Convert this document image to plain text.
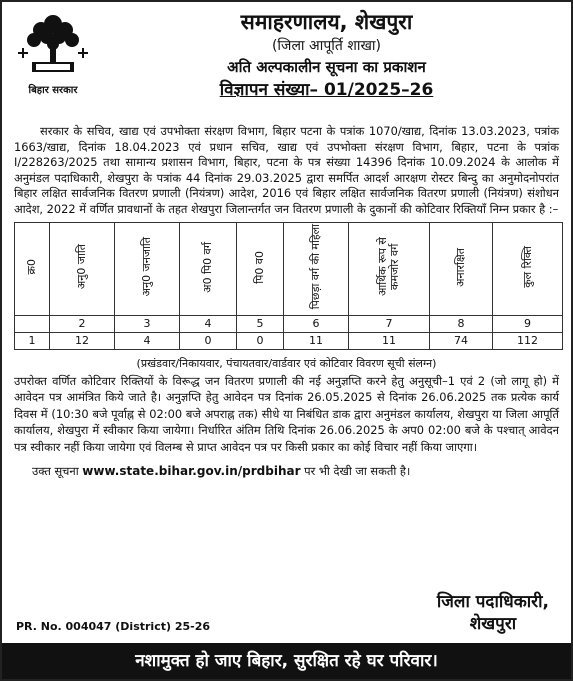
बिहार सरकार
समाहरणालय, शेखपुरा
(जिला आपूर्ति शाखा)
अति अल्पकालीन सूचना का प्रकाशन
विज्ञापन संख्या– 01/2025–26

सरकार के सचिव, खाद्य एवं उपभोक्ता संरक्षण विभाग, बिहार पटना के पत्रांक 1070/खाद्य, दिनांक 13.03.2023, पत्रांक 1663/खाद्य, दिनांक 18.04.2023 एवं प्रधान सचिव, खाद्य एवं उपभोक्ता संरक्षण विभाग, बिहार, पटना के पत्रांक I/228263/2025 तथा सामान्य प्रशासन विभाग, बिहार, पटना के पत्र संख्या 14396 दिनांक 10.09.2024 के आलोक में अनुमंडल पदाधिकारी, शेखपुरा के पत्रांक 44 दिनांक 29.03.2025 द्वारा समर्पित आदर्श आरक्षण रोस्टर बिन्दु का अनुमोदनोपरांत बिहार लक्षित सार्वजनिक वितरण प्रणाली (नियंत्रण) आदेश, 2016 एवं बिहार लक्षित सार्वजनिक वितरण प्रणाली (नियंत्रण) संशोधन आदेश, 2022 में वर्णित प्रावधानों के तहत शेखपुरा जिलान्तर्गत जन वितरण प्रणाली के दुकानों की कोटिवार रिक्तियाँ निम्न प्रकार है :–

क्र0	अनु0 जाति	अनु0 जनजाति	अ0 पि0 वर्ग	पि0 व0	पिछड़ा वर्ग की महिला	आर्थिक रूप से कमजोर वर्ग	अनारक्षित	कुल रिक्ति
	2	3	4	5	6	7	8	9
1	12	4	0	0	11	11	74	112
(प्रखंडवार/निकायवार, पंचायतवार/वार्डवार एवं कोटिवार विवरण सूची संलग्न)

उपरोक्त वर्णित कोटिवार रिक्तियों के विरूद्ध जन वितरण प्रणाली की नई अनुज्ञप्ति करने हेतु अनुसूची–1 एवं 2 (जो लागू हो) में आवेदन पत्र आमंत्रित किये जाते है। अनुज्ञप्ति हेतु आवेदन पत्र दिनांक 26.05.2025 से दिनांक 26.06.2025 तक प्रत्येक कार्य दिवस में (10:30 बजे पूर्वाह्न से 02:00 बजे अपराह्न तक) सीधे या निबंधित डाक द्वारा अनुमंडल कार्यालय, शेखपुरा या जिला आपूर्ति कार्यालय, शेखपुरा में स्वीकार किया जायेगा। निर्धारित अंतिम तिथि दिनांक 26.06.2025 के अप0 02:00 बजे के पश्चात् आवेदन पत्र स्वीकार नहीं किया जायेगा एवं विलम्ब से प्राप्त आवेदन पत्र पर किसी प्रकार का कोई विचार नहीं किया जाएगा।

उक्त सूचना www.state.bihar.gov.in/prdbihar पर भी देखी जा सकती है।
जिला पदाधिकारी,
शेखपुरा
PR. No. 004047 (District) 25-26
नशामुक्त हो जाए बिहार, सुरक्षित रहे घर परिवार।
